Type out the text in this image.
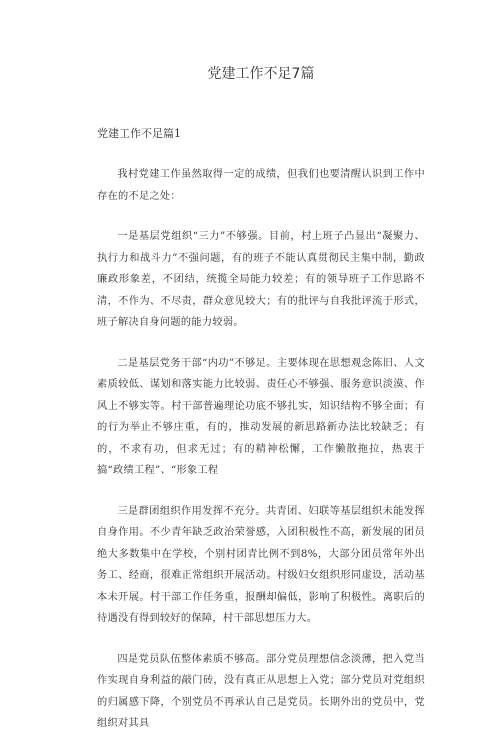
党建工作不足7篇

党建工作不足篇1

我村党建工作虽然取得一定的成绩，但我们也要清醒认识到工作中存在的不足之处：

一是基层党组织“三力”不够强。目前，村上班子凸显出“凝聚力、执行力和战斗力”不强问题，有的班子不能认真贯彻民主集中制，勤政廉政形象差，不团结，统揽全局能力较差；有的领导班子工作思路不清，不作为、不尽责，群众意见较大；有的批评与自我批评流于形式，班子解决自身问题的能力较弱。

二是基层党务干部“内功”不够足。主要体现在思想观念陈旧、人文素质较低、谋划和落实能力比较弱、责任心不够强、服务意识淡漠、作风上不够实等。村干部普遍理论功底不够扎实，知识结构不够全面；有的行为举止不够庄重，有的，推动发展的新思路新办法比较缺乏；有的，不求有功，但求无过；有的精神松懈，工作懒散拖拉，热衷于搞“政绩工程”、“形象工程

三是群团组织作用发挥不充分。共青团、妇联等基层组织未能发挥自身作用。不少青年缺乏政治荣誉感，入团积极性不高，新发展的团员绝大多数集中在学校，个别村团青比例不到8%，大部分团员常年外出务工、经商，很难正常组织开展活动。村级妇女组织形同虚设，活动基本未开展。村干部工作任务重，报酬却偏低，影响了积极性。离职后的待遇没有得到较好的保障，村干部思想压力大。

四是党员队伍整体素质不够高。部分党员理想信念淡薄，把入党当作实现自身利益的敲门砖，没有真正从思想上入党；部分党员对党组织的归属感下降，个别党员不再承认自己是党员。长期外出的党员中，党组织对其具
